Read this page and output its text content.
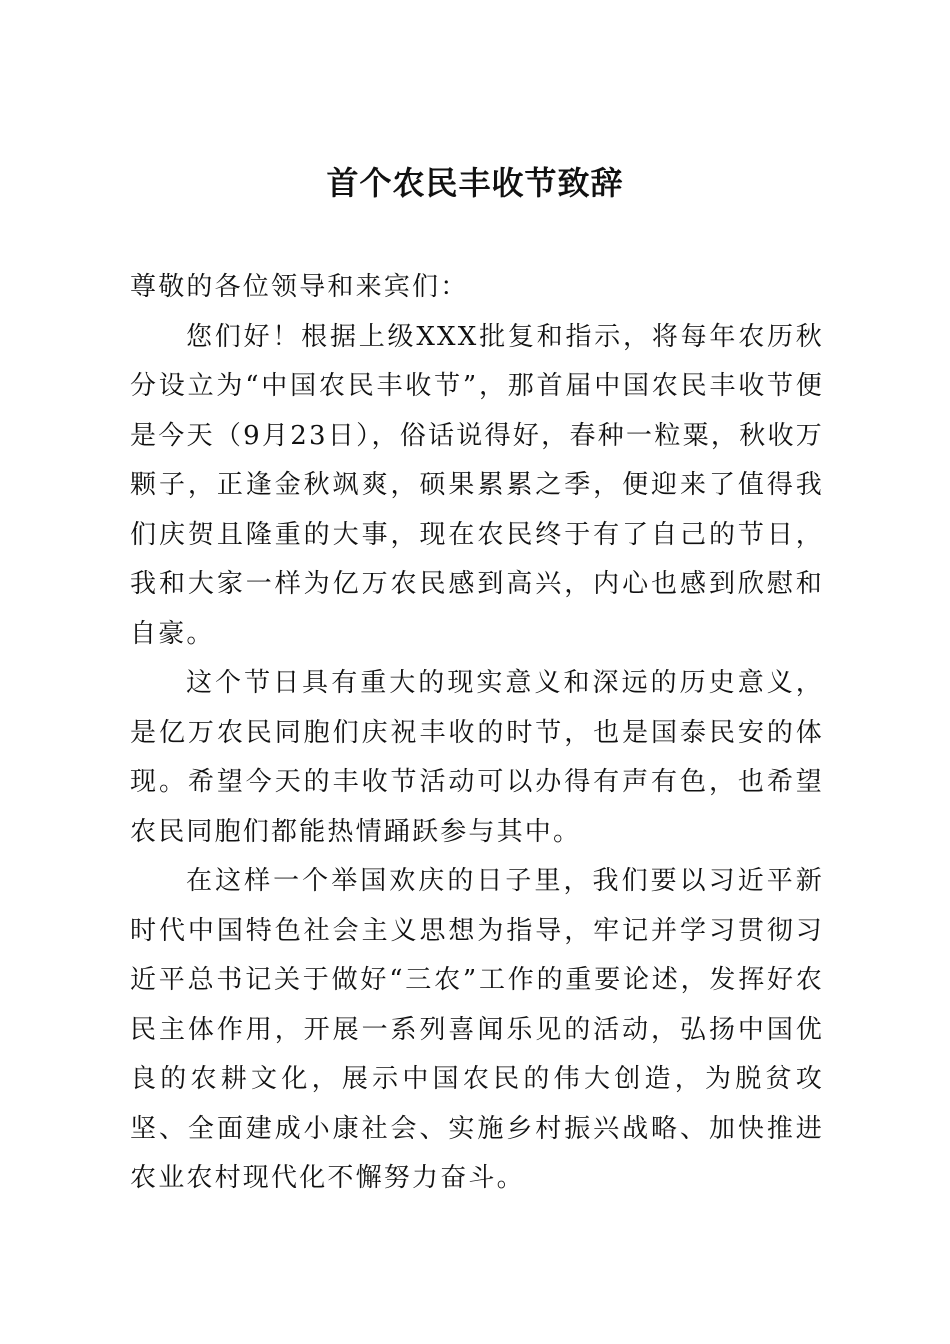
首个农民丰收节致辞

尊敬的各位领导和来宾们：

您们好！根据上级XXX批复和指示，将每年农历秋分设立为“中国农民丰收节”，那首届中国农民丰收节便是今天（9月23日），俗话说得好，春种一粒粟，秋收万颗子，正逢金秋飒爽，硕果累累之季，便迎来了值得我们庆贺且隆重的大事，现在农民终于有了自己的节日，我和大家一样为亿万农民感到高兴，内心也感到欣慰和自豪。

这个节日具有重大的现实意义和深远的历史意义，是亿万农民同胞们庆祝丰收的时节，也是国泰民安的体现。希望今天的丰收节活动可以办得有声有色，也希望农民同胞们都能热情踊跃参与其中。

在这样一个举国欢庆的日子里，我们要以习近平新时代中国特色社会主义思想为指导，牢记并学习贯彻习近平总书记关于做好“三农”工作的重要论述，发挥好农民主体作用，开展一系列喜闻乐见的活动，弘扬中国优良的农耕文化，展示中国农民的伟大创造，为脱贫攻坚、全面建成小康社会、实施乡村振兴战略、加快推进农业农村现代化不懈努力奋斗。
